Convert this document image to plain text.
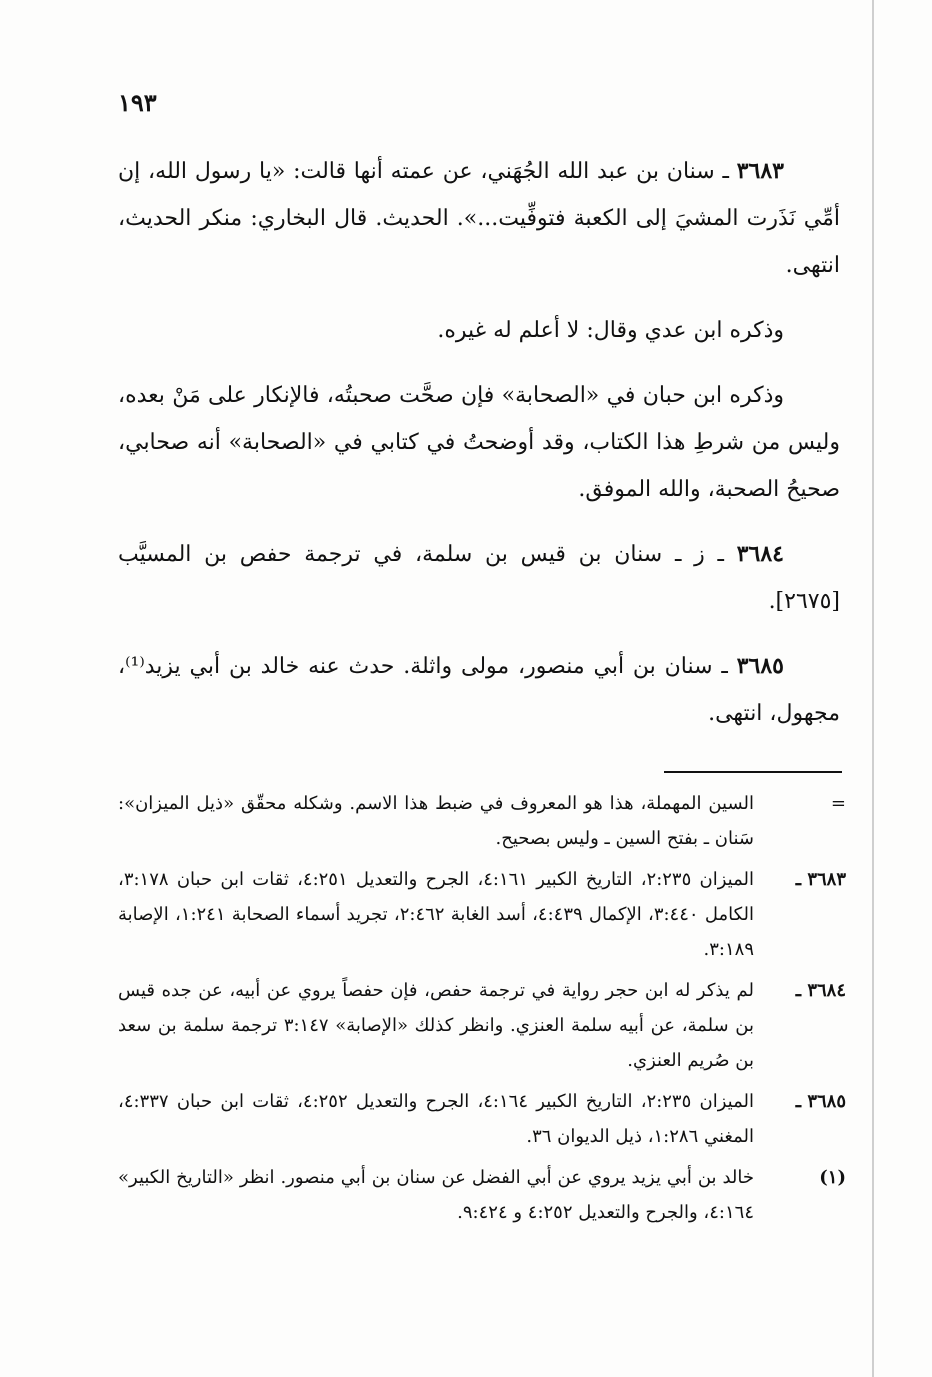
١٩٣

٣٦٨٣ ـ سنان بن عبد الله الجُهَني، عن عمته أنها قالت: «يا رسول الله، إن أمِّي نَذَرت المشيَ إلى الكعبة فتوفِّيت...». الحديث. قال البخاري: منكر الحديث، انتهى.

وذكره ابن عدي وقال: لا أعلم له غيره.

وذكره ابن حبان في «الصحابة» فإن صحَّت صحبتُه، فالإنكار على مَنْ بعده، وليس من شرطِ هذا الكتاب، وقد أوضحتُ في كتابي في «الصحابة» أنه صحابي، صحيحُ الصحبة، والله الموفق.

٣٦٨٤ ـ ز ـ سنان بن قيس بن سلمة، في ترجمة حفص بن المسيَّب [٢٦٧٥].

٣٦٨٥ ـ سنان بن أبي منصور، مولى واثلة. حدث عنه خالد بن أبي يزيد⁽¹⁾، مجهول، انتهى.

=
السين المهملة، هذا هو المعروف في ضبط هذا الاسم. وشكله محقّق «ذيل الميزان»: سَنان ـ بفتح السين ـ وليس بصحيح.
٣٦٨٣ ـ
الميزان ٢:٢٣٥، التاريخ الكبير ٤:١٦١، الجرح والتعديل ٤:٢٥١، ثقات ابن حبان ٣:١٧٨، الكامل ٣:٤٤٠، الإكمال ٤:٤٣٩، أسد الغابة ٢:٤٦٢، تجريد أسماء الصحابة ١:٢٤١، الإصابة ٣:١٨٩.
٣٦٨٤ ـ
لم يذكر له ابن حجر رواية في ترجمة حفص، فإن حفصاً يروي عن أبيه، عن جده قيس بن سلمة، عن أبيه سلمة العنزي. وانظر كذلك «الإصابة» ٣:١٤٧ ترجمة سلمة بن سعد بن صُريم العنزي.
٣٦٨٥ ـ
الميزان ٢:٢٣٥، التاريخ الكبير ٤:١٦٤، الجرح والتعديل ٤:٢٥٢، ثقات ابن حبان ٤:٣٣٧، المغني ١:٢٨٦، ذيل الديوان ٣٦.
(١)
خالد بن أبي يزيد يروي عن أبي الفضل عن سنان بن أبي منصور. انظر «التاريخ الكبير» ٤:١٦٤، والجرح والتعديل ٤:٢٥٢ و ٩:٤٢٤.
